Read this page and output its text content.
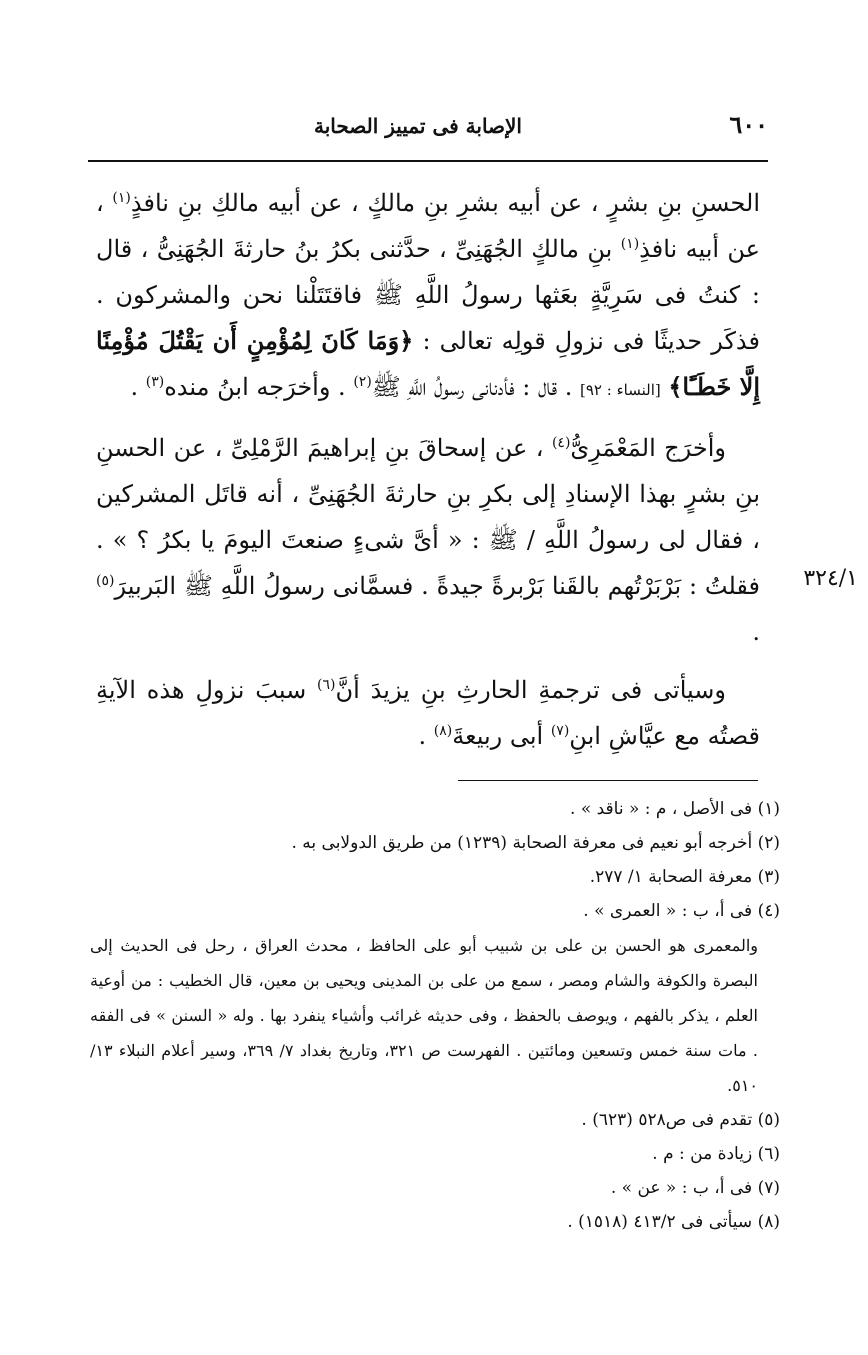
٦٠٠
الإصابة فى تمييز الصحابة
٣٢٤/١

الحسنِ بنِ بشرٍ ، عن أبيه بشرِ بنِ مالكٍ ، عن أبيه مالكِ بنِ نافذٍ$^{(١)}$ ، عن أبيه نافذِ$^{(١)}$ بنِ مالكٍ الجُهَنِىِّ ، حدَّثنى بكرُ بنُ حارثةَ الجُهَنِىُّ ، قال : كنتُ فى سَرِيَّةٍ بعَثها رسولُ اللَّهِ ﷺ فاقتَتَلْنا نحن والمشركون . فذكَر حديثًا فى نزولِ قولِه تعالى : ﴿وَمَا كَانَ لِمُؤْمِنٍ أَن يَقْتُلَ مُؤْمِنًا إِلَّا خَطَـًٔا﴾ [النساء : ٩٢] . قال : فأدنانى رسولُ اللَّهِ ﷺ$^{(٢)}$ . وأخرَجه ابنُ منده$^{(٣)}$ .

وأخرَج المَعْمَرِىُّ$^{(٤)}$ ، عن إسحاقَ بنِ إبراهيمَ الرَّمْلِىِّ ، عن الحسنِ بنِ بشرٍ بهذا الإسنادِ إلى بكرِ بنِ حارثةَ الجُهَنِىِّ ، أنه قاتَل المشركين ، فقال لى رسولُ اللَّهِ / ﷺ : « أىَّ شىءٍ صنعتَ اليومَ يا بكرُ ؟ » . فقلتُ : بَرْبَرْتُهم بالقَنا بَرْبرةً جيدةً . فسمَّانى رسولُ اللَّهِ ﷺ البَربيرَ$^{(٥)}$ .

وسيأتى فى ترجمةِ الحارثِ بنِ يزيدَ أنَّ$^{(٦)}$ سببَ نزولِ هذه الآيةِ قصتُه مع عيَّاشِ ابنِ$^{(٧)}$ أبى ربيعةَ$^{(٨)}$ .

(١) فى الأصل ، م : « ناقد » .
(٢) أخرجه أبو نعيم فى معرفة الصحابة (١٢٣٩) من طريق الدولابى به .
(٣) معرفة الصحابة ١/ ٢٧٧.
(٤) فى أ، ب : « العمرى » .
والمعمرى هو الحسن بن على بن شبيب أبو على الحافظ ، محدث العراق ، رحل فى الحديث إلى البصرة والكوفة والشام ومصر ، سمع من على بن المدينى ويحيى بن معين، قال الخطيب : من أوعية العلم ، يذكر بالفهم ، ويوصف بالحفظ ، وفى حديثه غرائب وأشياء ينفرد بها . وله « السنن » فى الفقه . مات سنة خمس وتسعين ومائتين . الفهرست ص ٣٢١، وتاريخ بغداد ٧/ ٣٦٩، وسير أعلام النبلاء ١٣/ ٥١٠.
(٥) تقدم فى ص٥٢٨ (٦٢٣) .
(٦) زيادة من : م .
(٧) فى أ، ب : « عن » .
(٨) سيأتى فى ٤١٣/٢ (١٥١٨) .
